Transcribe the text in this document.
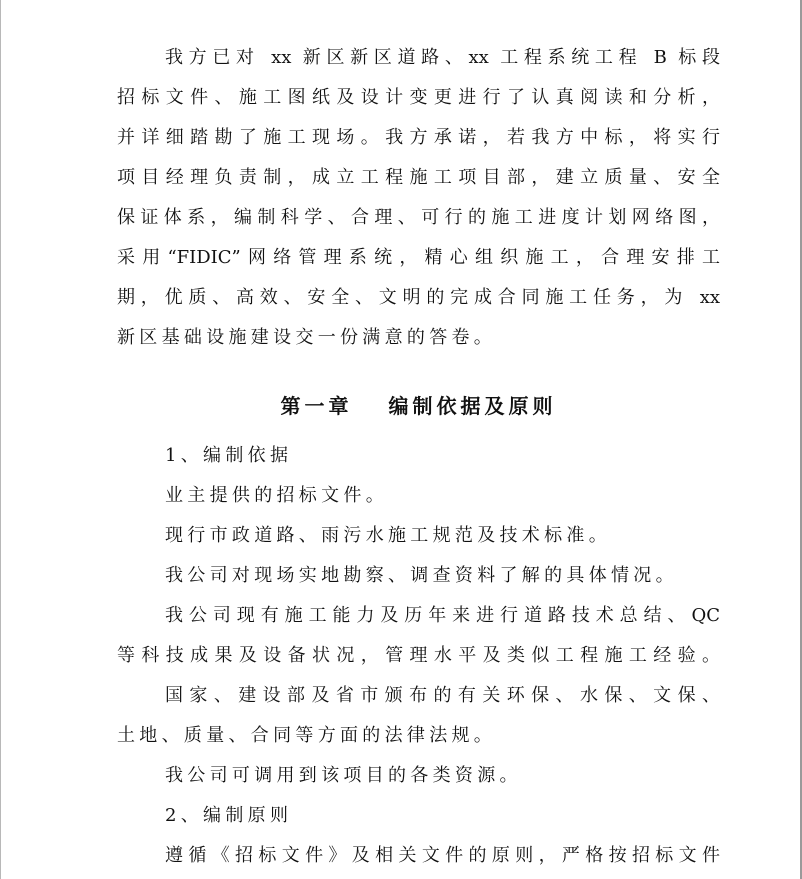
我方已对 xx 新区新区道路、xx 工程系统工程 B 标段
招标文件、施工图纸及设计变更进行了认真阅读和分析，
并详细踏勘了施工现场。我方承诺，若我方中标，将实行
项目经理负责制，成立工程施工项目部，建立质量、安全
保证体系，编制科学、合理、可行的施工进度计划网络图，
采用“FIDIC”网络管理系统，精心组织施工，合理安排工
期，优质、高效、安全、文明的完成合同施工任务，为 xx
新区基础设施建设交一份满意的答卷。
第一章 编制依据及原则
1、编制依据
业主提供的招标文件。
现行市政道路、雨污水施工规范及技术标准。
我公司对现场实地勘察、调查资料了解的具体情况。
我公司现有施工能力及历年来进行道路技术总结、QC
等科技成果及设备状况，管理水平及类似工程施工经验。
国家、建设部及省市颁布的有关环保、水保、文保、
土地、质量、合同等方面的法律法规。
我公司可调用到该项目的各类资源。
2、编制原则
遵循《招标文件》及相关文件的原则，严格按招标文件
